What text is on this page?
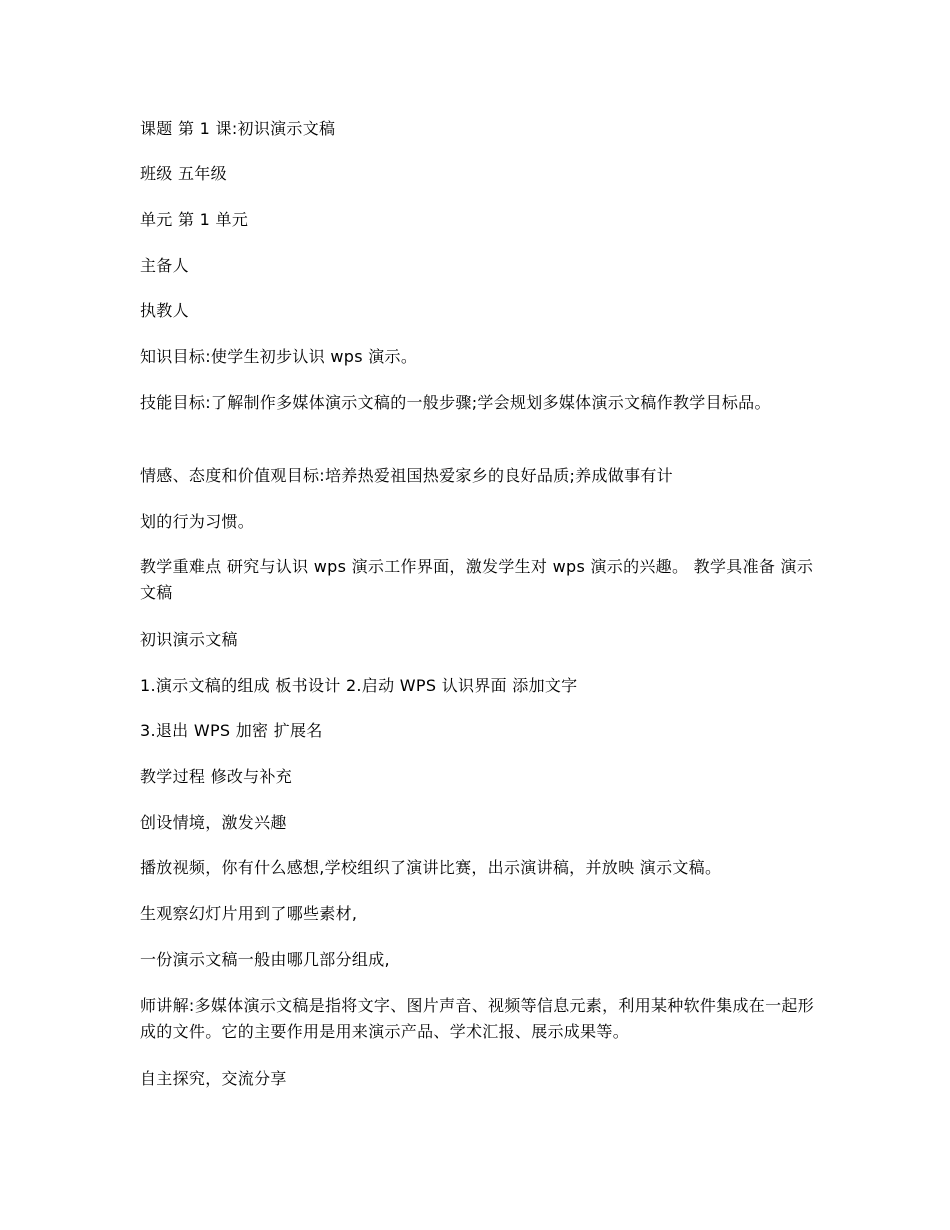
课题 第 1 课:初识演示文稿

班级 五年级

单元 第 1 单元

主备人

执教人

知识目标:使学生初步认识 wps 演示。

技能目标:了解制作多媒体演示文稿的一般步骤;学会规划多媒体演示文稿作教学目标品。

情感、态度和价值观目标:培养热爱祖国热爱家乡的良好品质;养成做事有计

划的行为习惯。

教学重难点 研究与认识 wps 演示工作界面，激发学生对 wps 演示的兴趣。 教学具准备 演示文稿

初识演示文稿

1.演示文稿的组成 板书设计 2.启动 WPS 认识界面 添加文字

3.退出 WPS 加密 扩展名

教学过程 修改与补充

创设情境，激发兴趣

播放视频，你有什么感想,学校组织了演讲比赛，出示演讲稿，并放映 演示文稿。

生观察幻灯片用到了哪些素材,

一份演示文稿一般由哪几部分组成,

师讲解:多媒体演示文稿是指将文字、图片声音、视频等信息元素，利用某种软件集成在一起形成的文件。它的主要作用是用来演示产品、学术汇报、展示成果等。

自主探究，交流分享
